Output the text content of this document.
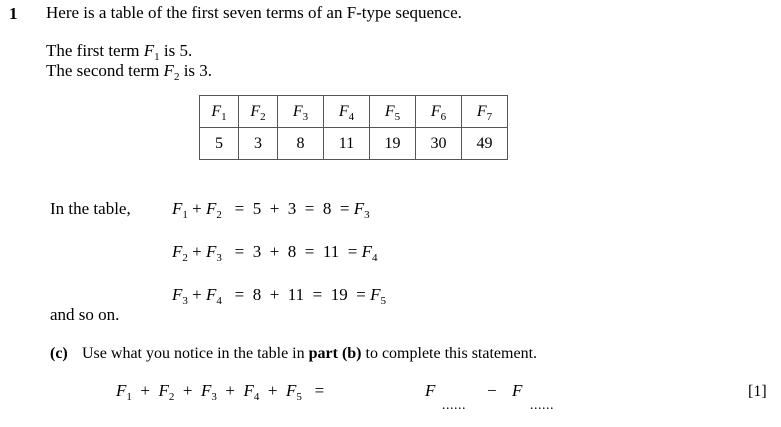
1 Here is a table of the first seven terms of an F-type sequence.
The first term $F_1$ is 5.
The second term $F_2$ is 3.
$F_1$	$F_2$	$F_3$	$F_4$	$F_5$	$F_6$	$F_7$
5	3	8	11	19	30	49
In the table, $F_1 + F_2 = 5 + 3 = 8 = F_3$
$F_2 + F_3 = 3 + 8 = 11 = F_4$
$F_3 + F_4 = 8 + 11 = 19 = F_5$
and so on.
(c) Use what you notice in the table in part (b) to complete this statement.
$F_1 + F_2 + F_3 + F_4 + F_5$ =	F
......
− F
......
[1]
